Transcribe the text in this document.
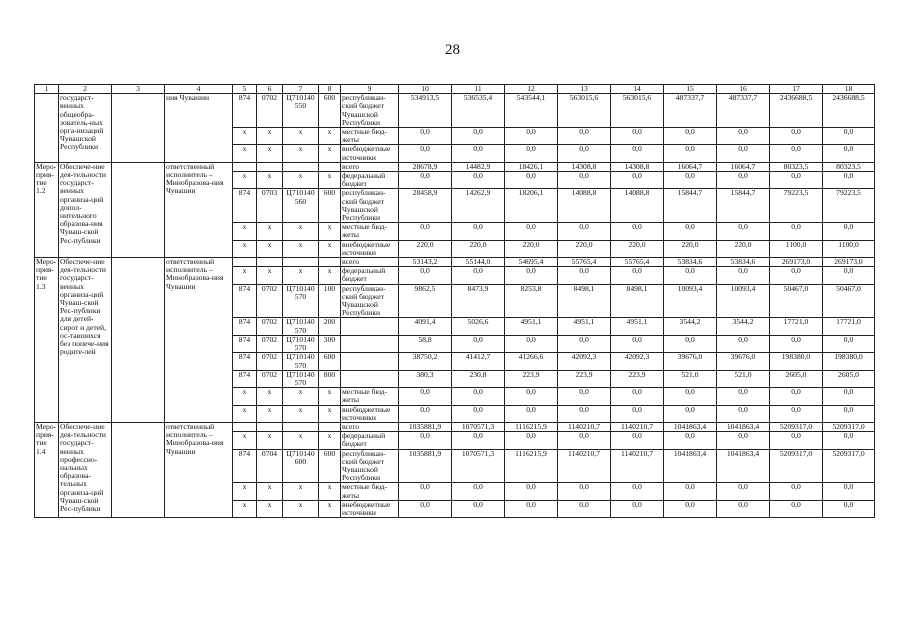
28
1	2	3	4	5	6	7	8	9	10	11	12	13	14	15	16	17	18
	государст-венных общеобра-зователь-ных орга-низаций Чувашской Республики		ния Чувашии	874	0702	Ц710140 550	600	республикан-ский бюджет Чувашской Республики	534913,5	536535,4	543544,1	563015,6	563015,6	487337,7	487337,7	2436688,5	2436688,5
				x	x	x	x	местные бюд-жеты	0,0	0,0	0,0	0,0	0,0	0,0	0,0	0,0	0,0
				x	x	x	x	внебюджетные источники	0,0	0,0	0,0	0,0	0,0	0,0	0,0	0,0	0,0
Меро-прия-тие 1.2	Обеспече-ние дея-тельности государст-венных организа-ций допол-нительного образова-ния Чуваш-ской Рес-публики		ответственный исполнитель – Минобразова-ния Чувашии					всего	28678,9	14482,9	18426,1	14308,8	14308,8	16064,7	16064,7	80323,5	80323,5
				x	x	x	x	федеральный бюджет	0,0	0,0	0,0	0,0	0,0	0,0	0,0	0,0	0,0
				874	0703	Ц710140 560	600	республикан-ский бюджет Чувашской Республики	28458,9	14262,9	18206,1	14088,8	14088,8	15844,7	15844,7	79223,5	79223,5
				x	x	x	x	местные бюд-жеты	0,0	0,0	0,0	0,0	0,0	0,0	0,0	0,0	0,0
				x	x	x	x	внебюджетные источники	220,0	220,0	220,0	220,0	220,0	220,0	220,0	1100,0	1100,0
Меро-прия-тие 1.3	Обеспече-ние дея-тельности государст-венных организа-ций Чуваш-ской Рес-публики для детей-сирот и детей, ос-тавшихся без попече-ния родите-лей		ответственный исполнитель – Минобразова-ния Чувашии					всего	53143,2	55144,0	54695,4	55765,4	55765,4	53834,6	53834,6	269173,0	269173,0
				x	x	x	x	федеральный бюджет	0,0	0,0	0,0	0,0	0,0	0,0	0,0	0,0	0,0
				874	0702	Ц710140 570	100	республикан-ский бюджет Чувашской Республики	9862,5	8473,9	8253,8	8498,1	8498,1	10093,4	10093,4	50467,0	50467,0
				874	0702	Ц710140 570	200		4091,4	5026,6	4951,1	4951,1	4951,1	3544,2	3544,2	17721,0	17721,0
				874	0702	Ц710140 570	300		58,8	0,0	0,0	0,0	0,0	0,0	0,0	0,0	0,0
				874	0702	Ц710140 570	600		38750,2	41412,7	41266,6	42092,3	42092,3	39676,0	39676,0	198380,0	198380,0
				874	0702	Ц710140 570	800		380,3	230,8	223,9	223,9	223,9	521,0	521,0	2605,0	2605,0
				x	x	x	x	местные бюд-жеты	0,0	0,0	0,0	0,0	0,0	0,0	0,0	0,0	0,0
				x	x	x	x	внебюджетные источники	0,0	0,0	0,0	0,0	0,0	0,0	0,0	0,0	0,0
Меро-прия-тие 1.4	Обеспече-ние дея-тельности государст-венных профессио-нальных образова-тельных организа-ций Чуваш-ской Рес-публики		ответственный исполнитель – Минобразова-ния Чувашии					всего	1035881,9	1070571,3	1116215,9	1140210,7	1140210,7	1041863,4	1041863,4	5209317,0	5209317,0
				x	x	x	x	федеральный бюджет	0,0	0,0	0,0	0,0	0,0	0,0	0,0	0,0	0,0
				874	0704	Ц710140 600	600	республикан-ский бюджет Чувашской Республики	1035881,9	1070571,3	1116215,9	1140210,7	1140210,7	1041863,4	1041863,4	5209317,0	5209317,0
				x	x	x	x	местные бюд-жеты	0,0	0,0	0,0	0,0	0,0	0,0	0,0	0,0	0,0
				x	x	x	x	внебюджетные источники	0,0	0,0	0,0	0,0	0,0	0,0	0,0	0,0	0,0
